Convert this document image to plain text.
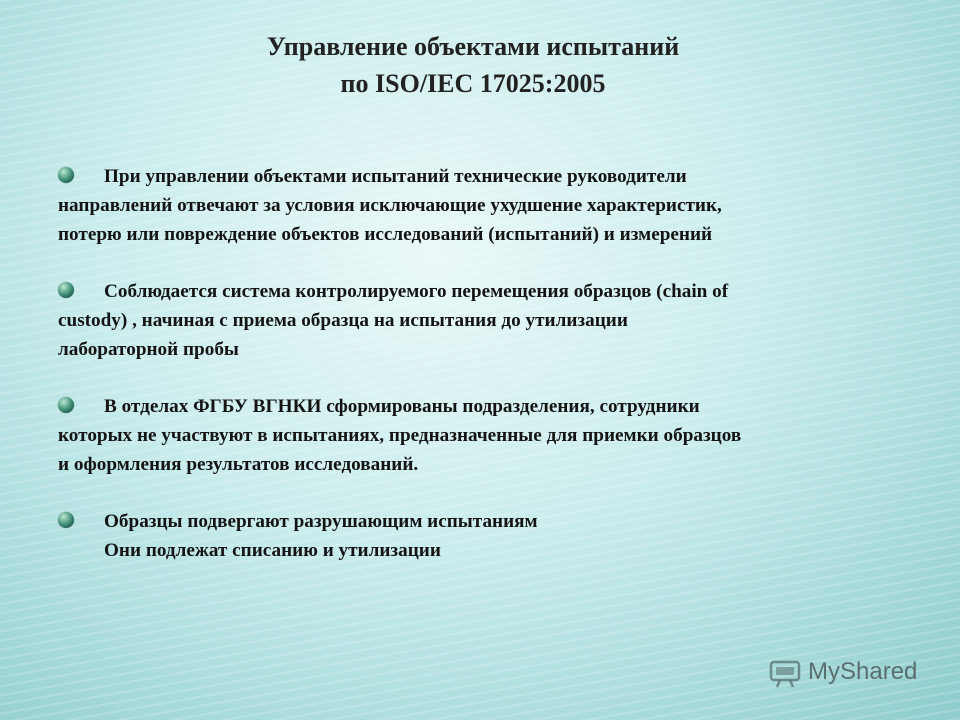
Управление объектами испытаний
по ISO/IEC 17025:2005
При управлении объектами испытаний технические руководители
направлений отвечают за условия исключающие ухудшение характеристик,
потерю или повреждение объектов исследований (испытаний) и измерений
Соблюдается система контролируемого перемещения образцов (chain of
custody) , начиная с приема образца на испытания до утилизации
лабораторной пробы
В отделах ФГБУ ВГНКИ сформированы подразделения, сотрудники
которых не участвуют в испытаниях, предназначенные для приемки образцов
и оформления результатов исследований.
Образцы подвергают разрушающим испытаниям
Они подлежат списанию и утилизации
MyShared
